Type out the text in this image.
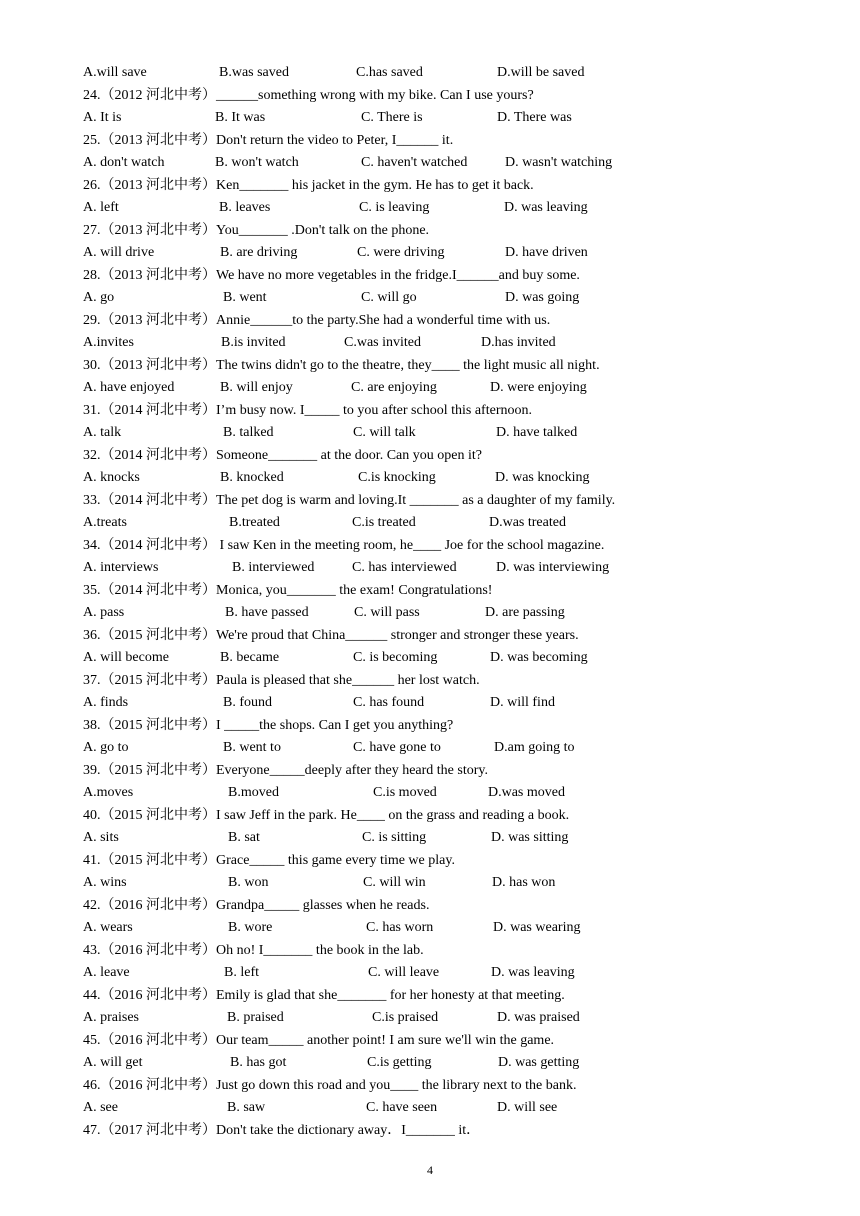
A.will save	B.was saved	C.has saved	D.will be saved
24.（2012 河北中考）______something wrong with my bike. Can I use yours?
A. It is	B. It was	C. There is	D. There was
25.（2013 河北中考）Don't return the video to Peter, I______ it.
A. don't watch	B. won't watch	C. haven't watched	D. wasn't watching
26.（2013 河北中考）Ken_______ his jacket in the gym. He has to get it back.
A. left	B. leaves	C. is leaving	D. was leaving
27.（2013 河北中考）You_______ .Don't talk on the phone.
A. will drive	B. are driving	C. were driving	D. have driven
28.（2013 河北中考）We have no more vegetables in the fridge.I______and buy some.
A. go	B. went	C. will go	D. was going
29.（2013 河北中考）Annie______to the party.She had a wonderful time with us.
A.invites	B.is invited	C.was invited	D.has invited
30.（2013 河北中考）The twins didn't go to the theatre, they____ the light music all night.
A. have enjoyed	B. will enjoy	C. are enjoying	D. were enjoying
31.（2014 河北中考）I’m busy now. I_____ to you after school this afternoon.
A. talk	B. talked	C. will talk	D. have talked
32.（2014 河北中考）Someone_______ at the door. Can you open it?
A. knocks	B. knocked	C.is knocking	D. was knocking
33.（2014 河北中考）The pet dog is warm and loving.It _______ as a daughter of my family.
A.treats	B.treated	C.is treated	D.was treated
34.（2014 河北中考） I saw Ken in the meeting room, he____ Joe for the school magazine.
A. interviews	B. interviewed	C. has interviewed	D. was interviewing
35.（2014 河北中考）Monica, you_______ the exam! Congratulations!
A. pass	B. have passed	C. will pass	D. are passing
36.（2015 河北中考）We're proud that China______ stronger and stronger these years.
A. will become	B. became	C. is becoming	D. was becoming
37.（2015 河北中考）Paula is pleased that she______ her lost watch.
A. finds	B. found	C. has found	D. will find
38.（2015 河北中考）I _____the shops. Can I get you anything?
A. go to	B. went to	C. have gone to	D.am going to
39.（2015 河北中考）Everyone_____deeply after they heard the story.
A.moves	B.moved	C.is moved	D.was moved
40.（2015 河北中考）I saw Jeff in the park. He____ on the grass and reading a book.
A. sits	B. sat	C. is sitting	D. was sitting
41.（2015 河北中考）Grace_____ this game every time we play.
A. wins	B. won	C. will win	D. has won
42.（2016 河北中考）Grandpa_____ glasses when he reads.
A. wears	B. wore	C. has worn	D. was wearing
43.（2016 河北中考）Oh no! I_______ the book in the lab.
A. leave	B. left	C. will leave	D. was leaving
44.（2016 河北中考）Emily is glad that she_______ for her honesty at that meeting.
A. praises	B. praised	C.is praised	D. was praised
45.（2016 河北中考）Our team_____ another point! I am sure we'll win the game.
A. will get	B. has got	C.is getting	D. was getting
46.（2016 河北中考）Just go down this road and you____ the library next to the bank.
A. see	B. saw	C. have seen	D. will see
47.（2017 河北中考）Don't take the dictionary away．I_______ it．
4
